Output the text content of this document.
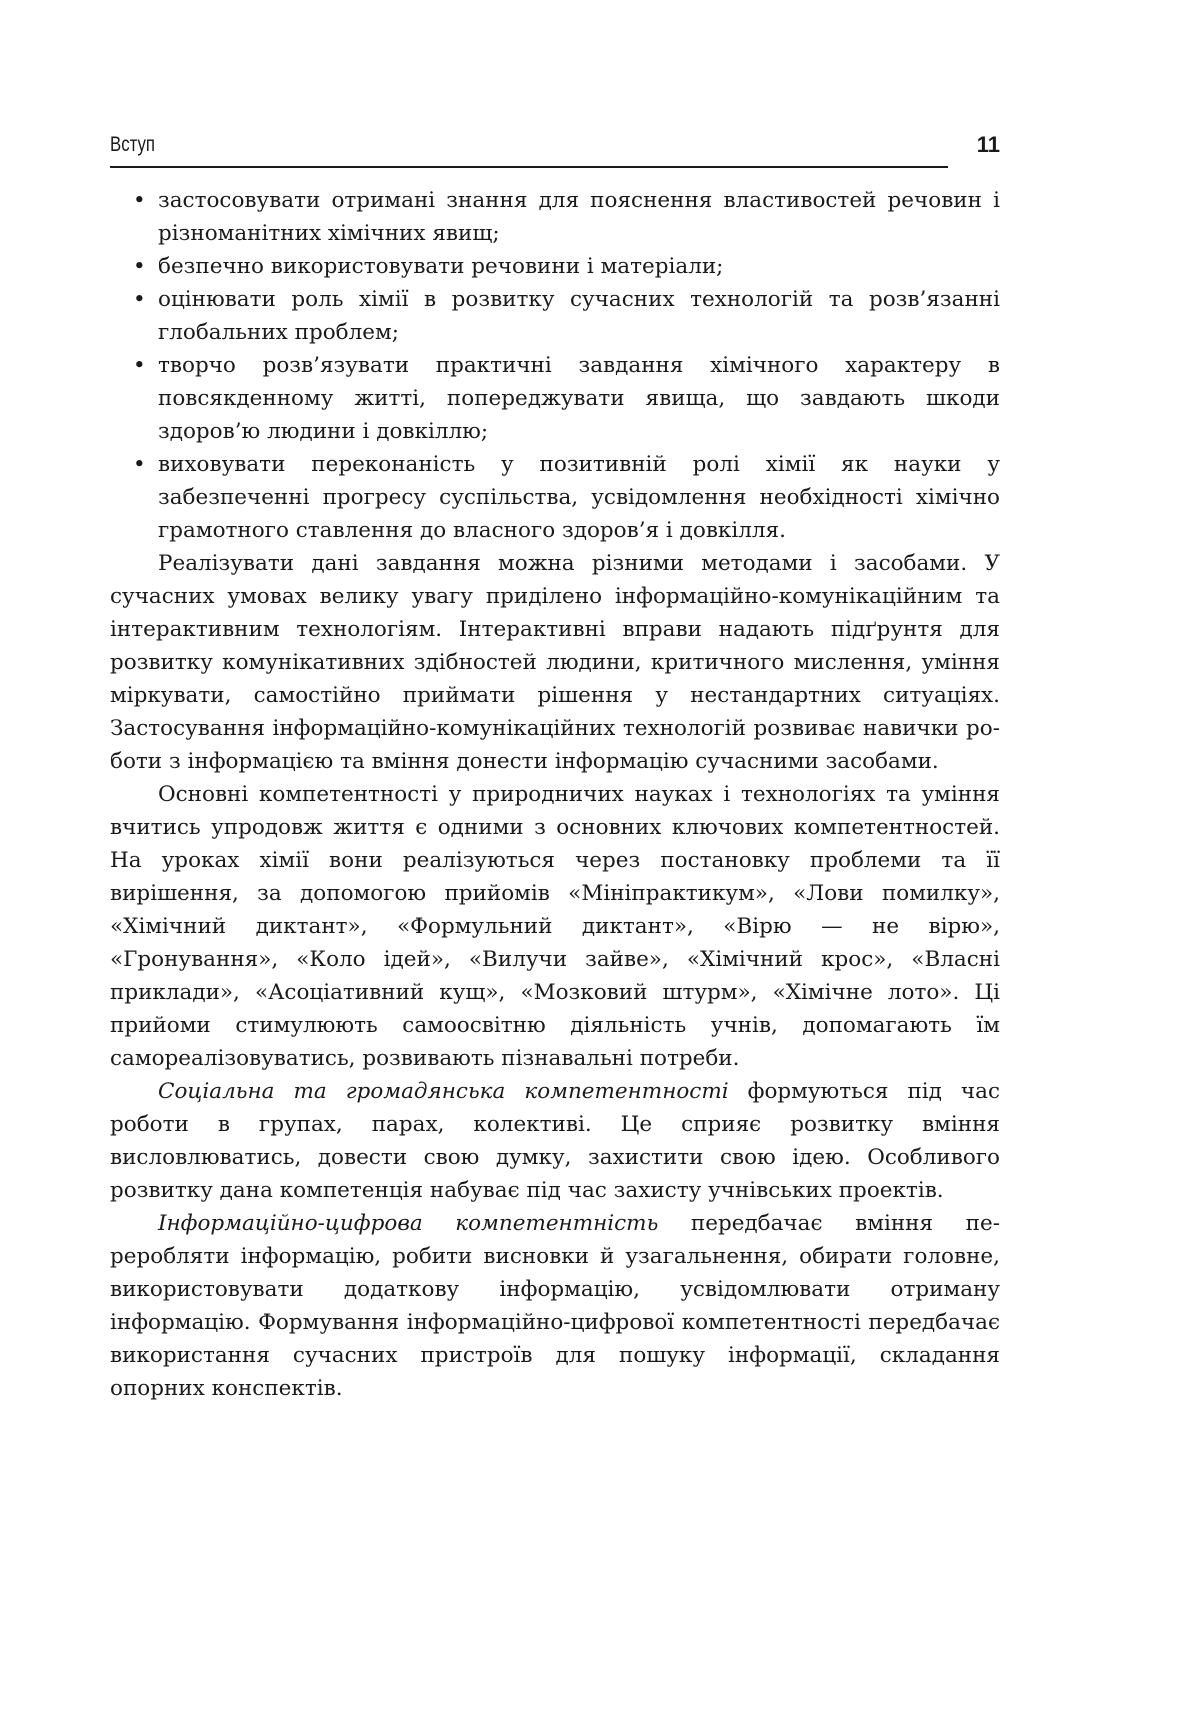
Вступ	11
• застосовувати отримані знання для пояснення властивостей речовин і різноманітних хімічних явищ;
• безпечно використовувати речовини і матеріали;
• оцінювати роль хімії в розвитку сучасних технологій та розв’язанні глобальних проблем;
• творчо розв’язувати практичні завдання хімічного характеру в повсякденному житті, попереджувати явища, що завдають шкоди здоров’ю людини і довкіллю;
• виховувати переконаність у позитивній ролі хімії як науки у забезпеченні прогресу суспільства, усвідомлення необхідності хімічно грамотного ставлення до власного здоров’я і довкілля.

Реалізувати дані завдання можна різними методами і засобами. У сучасних умовах велику увагу приділено інформаційно-комунікаційним та інтерактивним технологіям. Інтерактивні вправи надають підґрунтя для розвитку комунікативних здібностей людини, критичного мислення, уміння міркувати, самостійно приймати рішення у нестандартних ситуаціях. Застосування інформаційно-комунікаційних технологій розвиває навички роботи з інформацією та вміння донести інформацію сучасними засобами.

Основні компетентності у природничих науках і технологіях та уміння вчитись упродовж життя є одними з основних ключових компетентностей. На уроках хімії вони реалізуються через постановку проблеми та її вирішення, за допомогою прийомів «Мініпрактикум», «Лови помилку», «Хімічний диктант», «Формульний диктант», «Вірю — не вірю», «Гронування», «Коло ідей», «Вилучи зайве», «Хімічний крос», «Власні приклади», «Асоціативний кущ», «Мозковий штурм», «Хімічне лото». Ці прийоми стимулюють самоосвітню діяльність учнів, допомагають їм самореалізовуватись, розвивають пізнавальні потреби.

Соціальна та громадянська компетентності формуються під час роботи в групах, парах, колективі. Це сприяє розвитку вміння висловлюватись, довести свою думку, захистити свою ідею. Особливого розвитку дана компетенція набуває під час захисту учнівських проектів.

Інформаційно-цифрова компетентність передбачає вміння переробляти інформацію, робити висновки й узагальнення, обирати головне, використовувати додаткову інформацію, усвідомлювати отриману інформацію. Формування інформаційно-цифрової компетентності передбачає використання сучасних пристроїв для пошуку інформації, складання опорних конспектів.
